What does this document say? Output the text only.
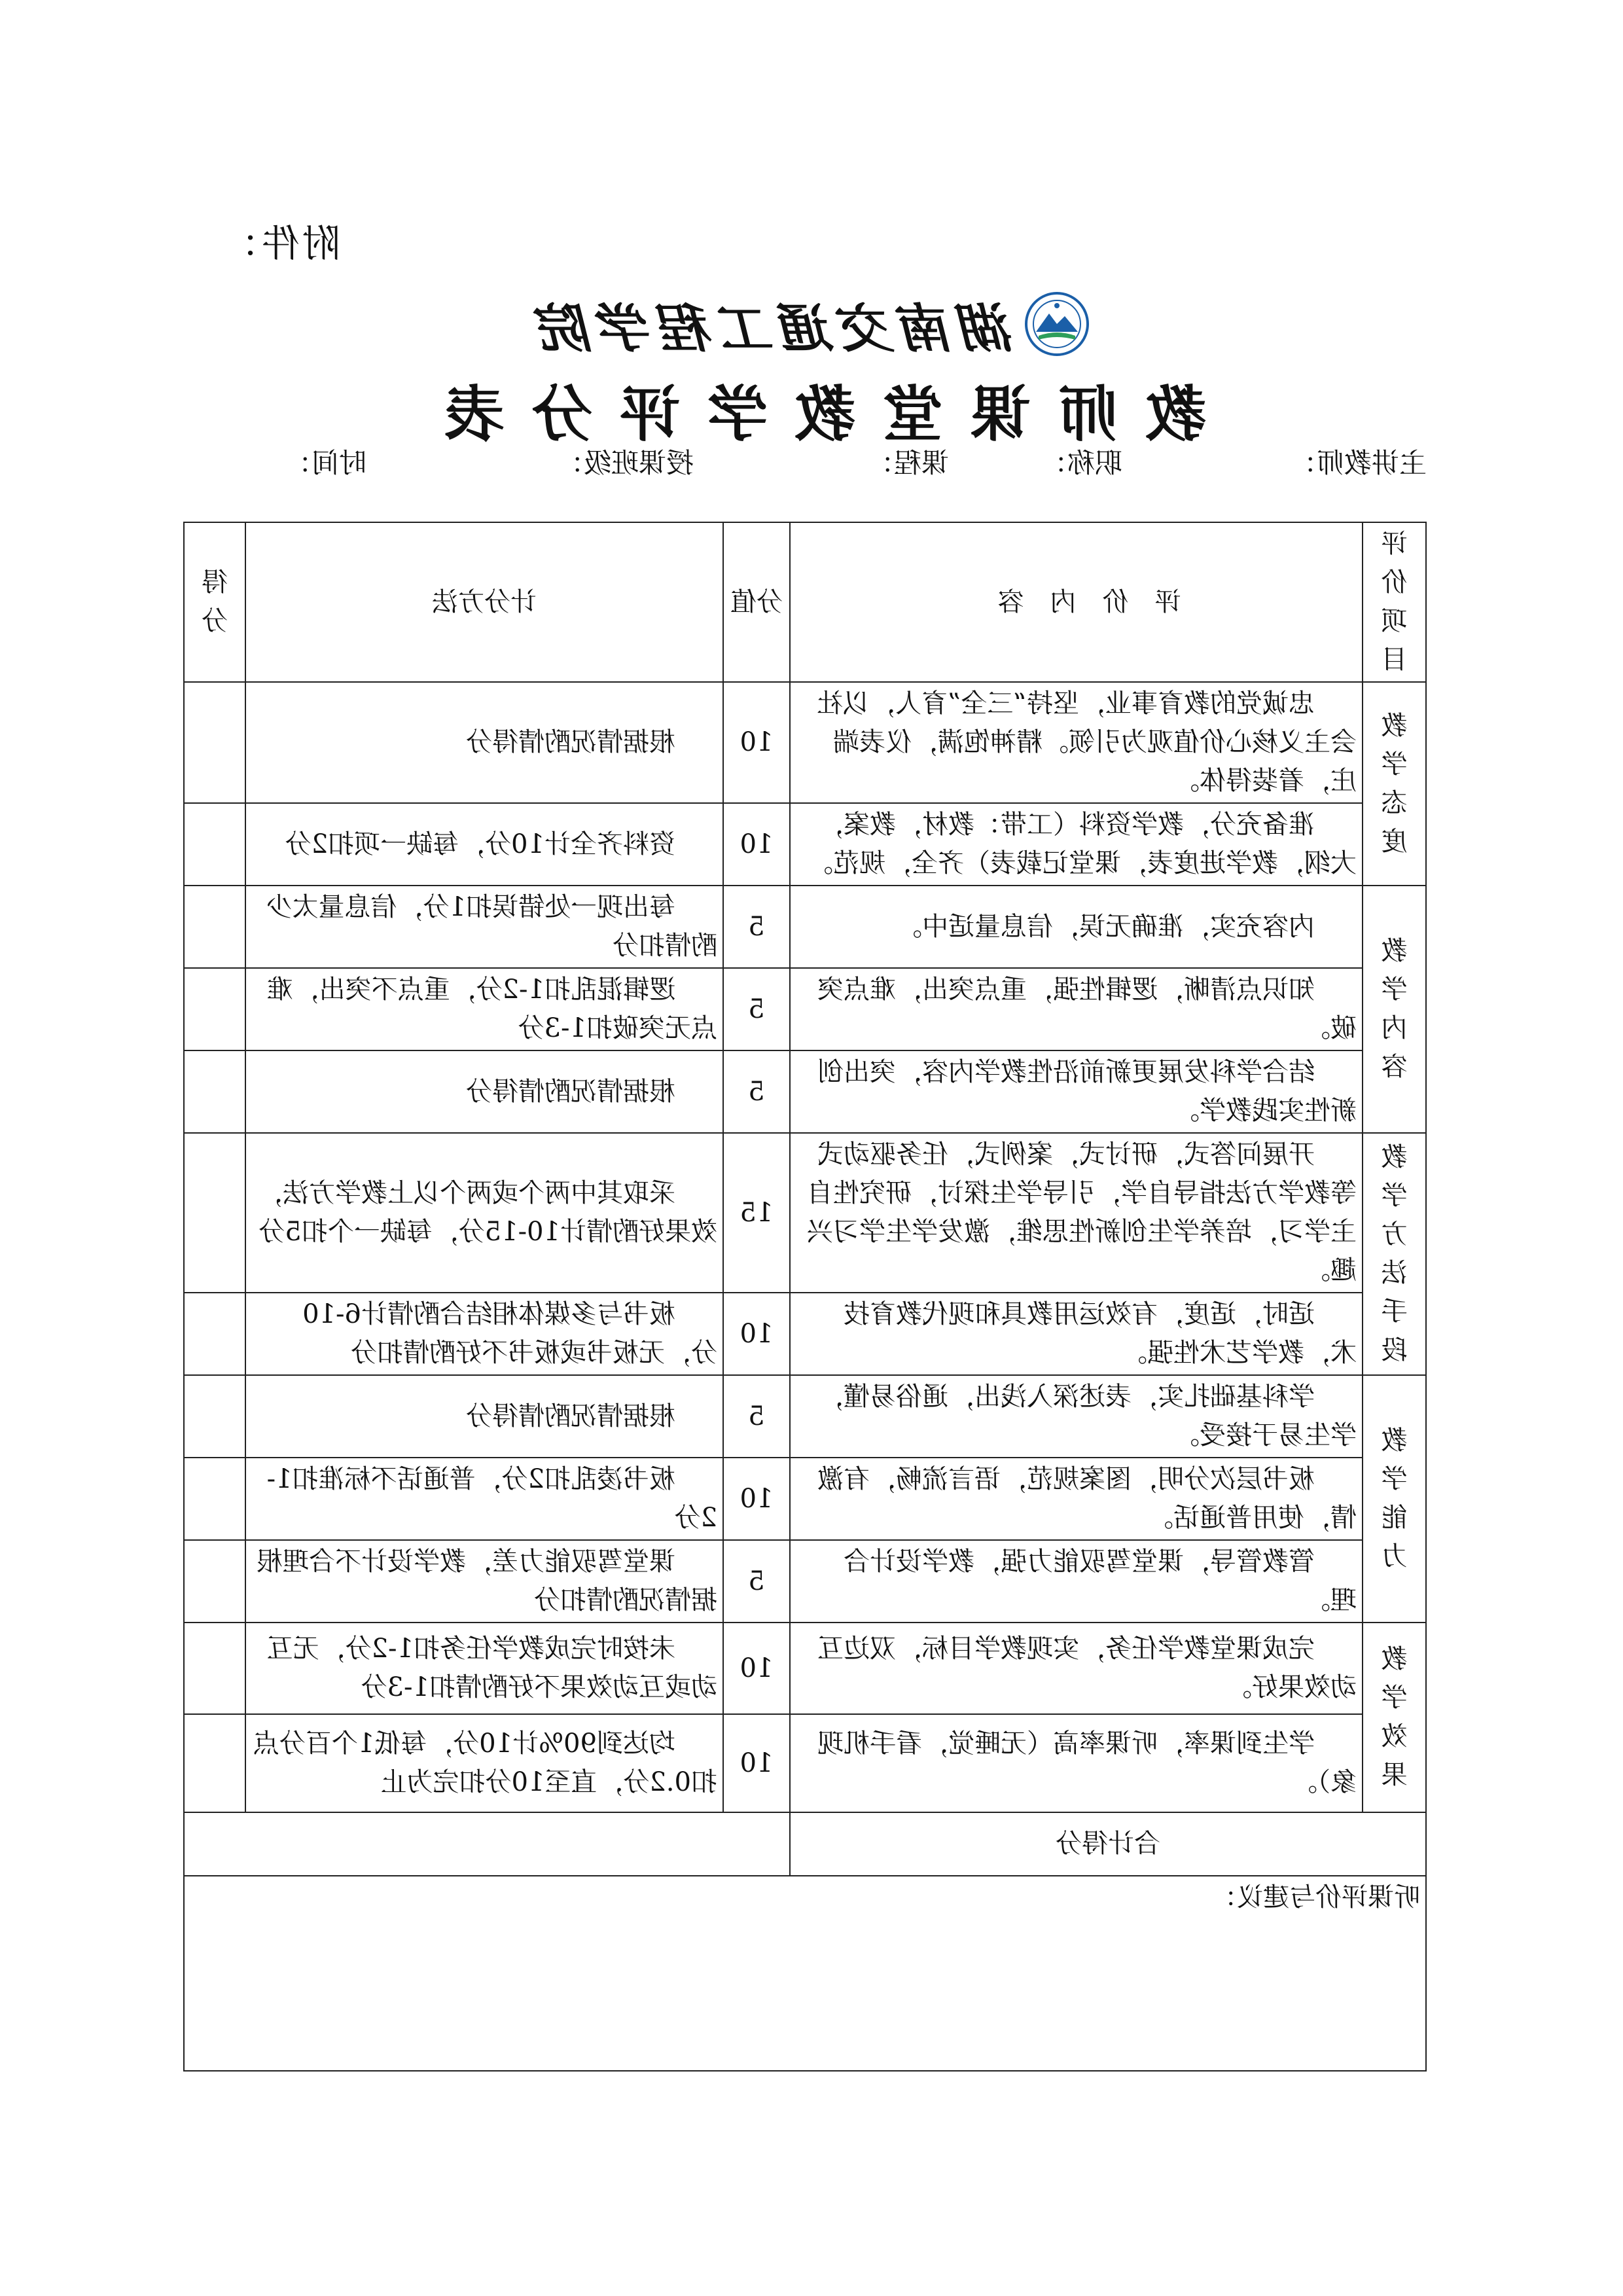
附件：
湖南交通工程学院
教师课堂教学评分表
主讲教师：
职称：
课程：
授课班级：
时间：
评价项目	评价内容	分值	计分方法	得分
教学态度	忠诚党的教育事业，坚持“三全”育人，以社会主义核心价值观为引领。精神饱满，仪表端庄，着装得体。	10	根据情况酌情得分	
	准备充分，教学资料（工带：教材，教案，大纲，教学进度表，课堂记载表）齐全，规范。	10	资料齐全计10分，每缺一项扣2分	
教学内容	内容充实，准确无误，信息量适中。	5	每出现一处错误扣1分，信息量太少酌情扣分	
	知识点清晰，逻辑性强，重点突出，难点突破。	5	逻辑混乱扣1-2分，重点不突出，难点无突破扣1-3分	
	结合学科发展更新前沿性教学内容，突出创新性实践教学。	5	根据情况酌情得分	
教学方法手段	开展问答式，研讨式，案例式，任务驱动式等教学方法指导自学，引导学生探讨，研究性自主学习，培养学生创新性思维，激发学生学习兴趣。	15	采取其中两个或两个以上教学方法，效果好酌情计10-15分，每缺一个扣5分	
	适时，适度，有效运用教具和现代教育技术，教学艺术性强。	10	板书与多媒体相结合酌情计6-10分，无板书或板书不好酌情扣分	
教学能力	学科基础扎实，表述深入浅出，通俗易懂，学生易于接受。	5	根据情况酌情得分	
	板书层次分明，图案规范，语言流畅，有激情，使用普通话。	10	板书凌乱扣2分，普通话不标准扣1-2分	
	管教管导，课堂驾驭能力强，教学设计合理。	5	课堂驾驭能力差，教学设计不合理根据情况酌情扣分	
教学效果	完成课堂教学任务，实现教学目标，双边互动效果好。	10	未按时完成教学任务扣1-2分，无互动或互动效果不好酌情扣1-3分	
	学生到课率，听课率高（无睡觉，看手机现象）。	10	均达到90%计10分，每低1个百分点扣0.2分，直至10分扣完为止	
合计得分				
听课评价与建议：				
